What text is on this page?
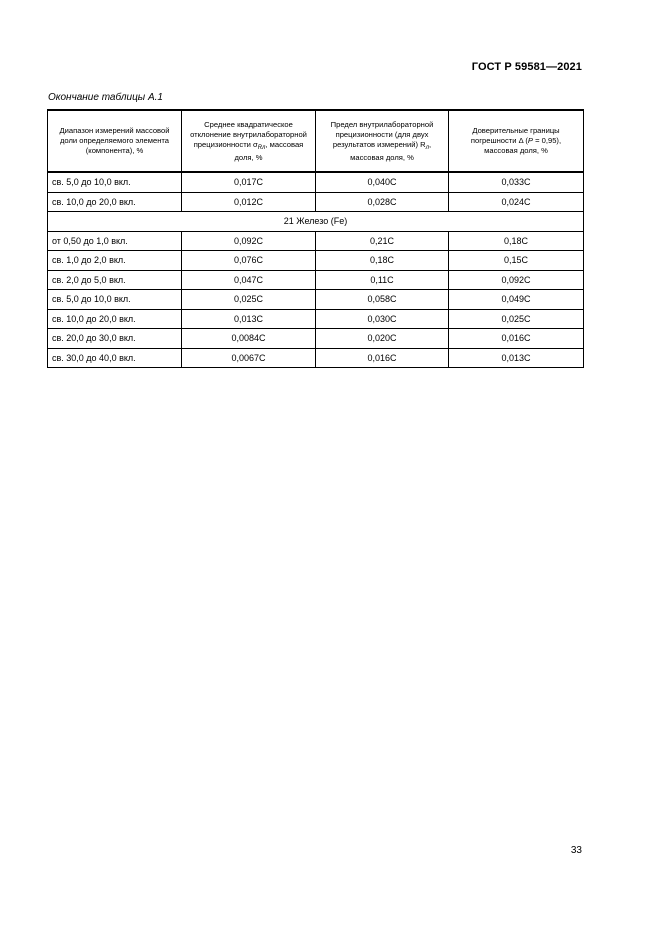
ГОСТ Р 59581—2021
Окончание таблицы А.1
Диапазон измерений массовой доли определяемого элемента (компонента), %	Среднее квадратическое отклонение внутрилабораторной прецизионности $\sigma_{Rл}$, массовая доля, %	Предел внутрилабораторной прецизионности (для двух результатов измерений) $R_л$, массовая доля, %	Доверительные границы погрешности Δ (P = 0,95), массовая доля, %
св. 5,0 до 10,0 вкл.	0,017C	0,040C	0,033C
св. 10,0 до 20,0 вкл.	0,012C	0,028C	0,024C
21 Железо (Fe)			
от 0,50 до 1,0 вкл.	0,092C	0,21C	0,18C
св. 1,0 до 2,0 вкл.	0,076C	0,18C	0,15C
св. 2,0 до 5,0 вкл.	0,047C	0,11C	0,092C
св. 5,0 до 10,0 вкл.	0,025C	0,058C	0,049C
св. 10,0 до 20,0 вкл.	0,013C	0,030C	0,025C
св. 20,0 до 30,0 вкл.	0,0084C	0,020C	0,016C
св. 30,0 до 40,0 вкл.	0,0067C	0,016C	0,013C
33
